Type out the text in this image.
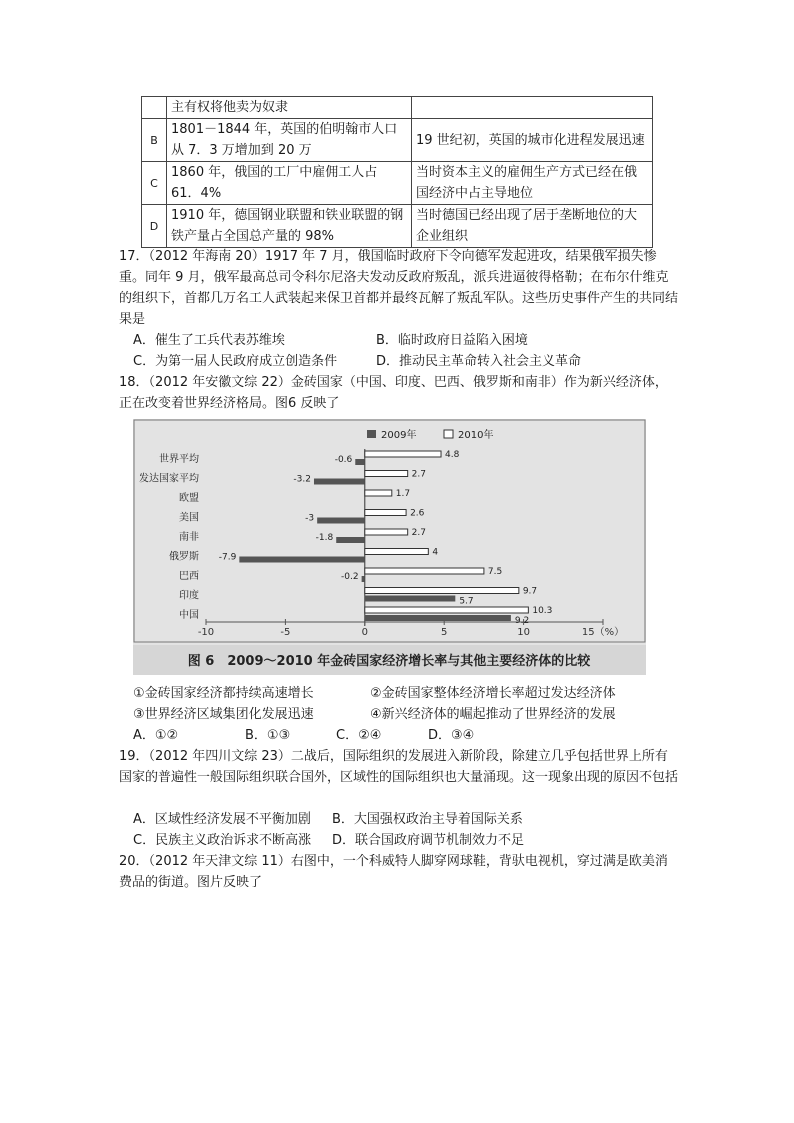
	主有权将他卖为奴隶	
B	1801－1844 年，英国的伯明翰市人口从 7．3 万增加到 20 万	19 世纪初，英国的城市化进程发展迅速
C	1860 年，俄国的工厂中雇佣工人占 61．4%	当时资本主义的雇佣生产方式已经在俄国经济中占主导地位
D	1910 年，德国钢业联盟和铁业联盟的钢铁产量占全国总产量的 98%	当时德国已经出现了居于垄断地位的大企业组织
17．（2012 年海南 20）1917 年 7 月，俄国临时政府下令向德军发起进攻，结果俄军损失惨重。同年 9 月，俄军最高总司令科尔尼洛夫发动反政府叛乱，派兵进逼彼得格勒；在布尔什维克的组织下，首都几万名工人武装起来保卫首都并最终瓦解了叛乱军队。这些历史事件产生的共同结果是
A．催生了工兵代表苏维埃	B．临时政府日益陷入困境
C．为第一届人民政府成立创造条件	D．推动民主革命转入社会主义革命
18．（2012 年安徽文综 22）金砖国家（中国、印度、巴西、俄罗斯和南非）作为新兴经济体，正在改变着世界经济格局。图6 反映了
2009年	2010年
-10	-5	0	5	10	15（%）
世界平均	4.8
-0.6
发达国家平均	2.7
-3.2
欧盟	1.7
美国	2.6
-3
南非	2.7
-1.8
俄罗斯	4
-7.9
巴西	7.5
-0.2
印度	9.7
5.7
中国	10.3
9.2
图 6　2009～2010 年金砖国家经济增长率与其他主要经济体的比较
①金砖国家经济都持续高速增长	②金砖国家整体经济增长率超过发达经济体
③世界经济区域集团化发展迅速	④新兴经济体的崛起推动了世界经济的发展
A．①②	B．①③	C．②④	D．③④
19．（2012 年四川文综 23）二战后，国际组织的发展进入新阶段，除建立几乎包括世界上所有国家的普遍性一般国际组织联合国外，区域性的国际组织也大量涌现。这一现象出现的原因不包括
A．区域性经济发展不平衡加剧 B．大国强权政治主导着国际关系
C．民族主义政治诉求不断高涨 D．联合国政府调节机制效力不足
20．（2012 年天津文综 11）右图中，一个科威特人脚穿网球鞋，背驮电视机，穿过满是欧美消费品的街道。图片反映了
